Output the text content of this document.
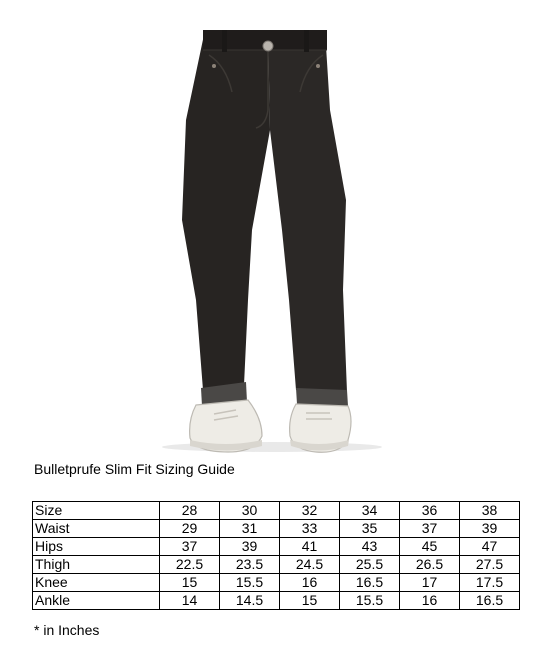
Bulletprufe Slim Fit Sizing Guide
Size	28	30	32	34	36	38
Waist	29	31	33	35	37	39
Hips	37	39	41	43	45	47
Thigh	22.5	23.5	24.5	25.5	26.5	27.5
Knee	15	15.5	16	16.5	17	17.5
Ankle	14	14.5	15	15.5	16	16.5
* in Inches
